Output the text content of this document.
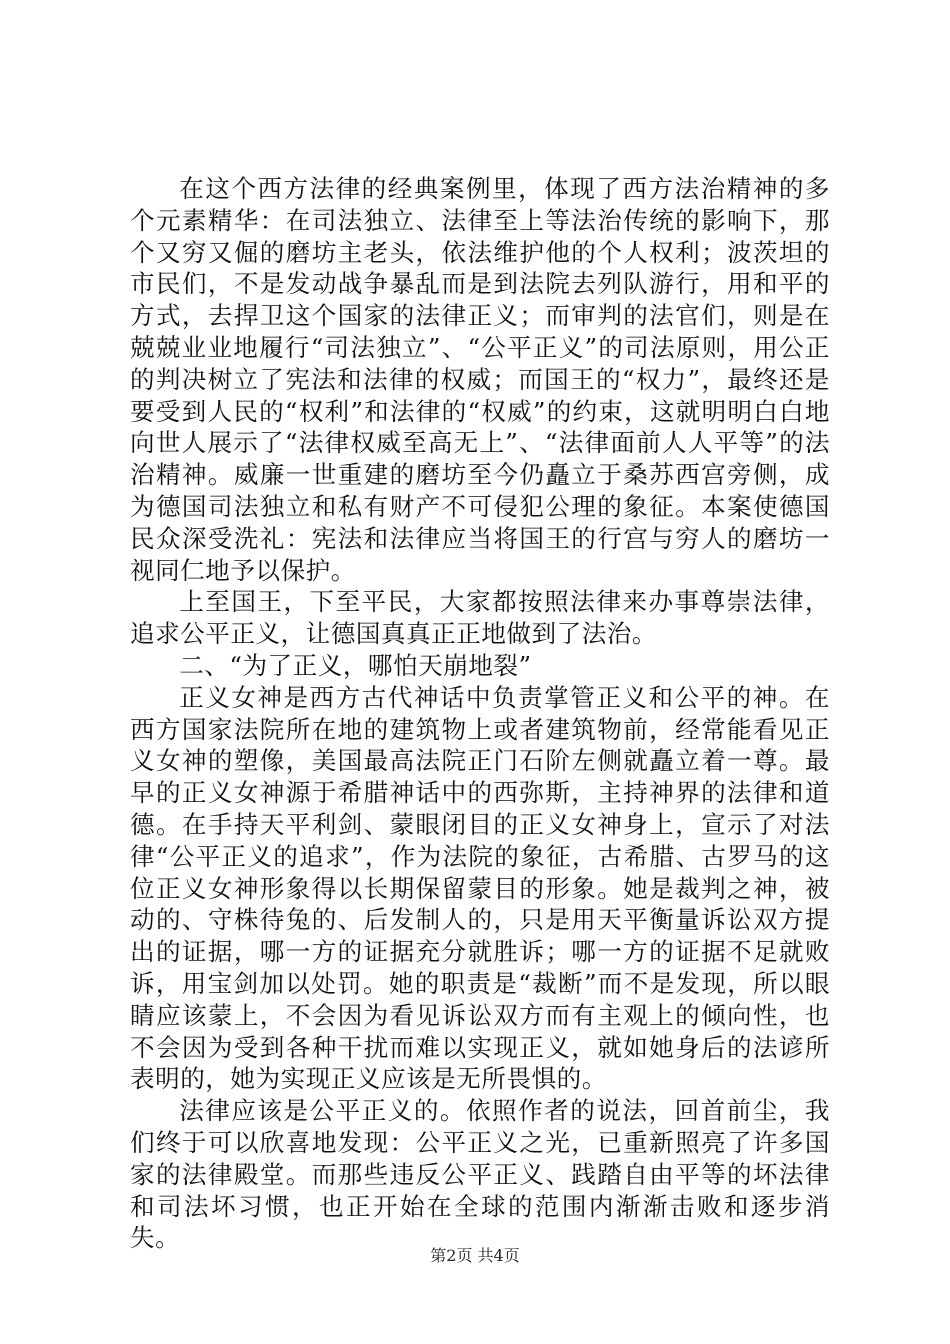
在这个西方法律的经典案例里，体现了西方法治精神的多个元素精华：在司法独立、法律至上等法治传统的影响下，那个又穷又倔的磨坊主老头，依法维护他的个人权利；波茨坦的市民们，不是发动战争暴乱而是到法院去列队游行，用和平的方式，去捍卫这个国家的法律正义；而审判的法官们，则是在兢兢业业地履行“司法独立”、“公平正义”的司法原则，用公正的判决树立了宪法和法律的权威；而国王的“权力”，最终还是要受到人民的“权利”和法律的“权威”的约束，这就明明白白地向世人展示了“法律权威至高无上”、“法律面前人人平等”的法治精神。威廉一世重建的磨坊至今仍矗立于桑苏西宫旁侧，成为德国司法独立和私有财产不可侵犯公理的象征。本案使德国民众深受洗礼：宪法和法律应当将国王的行宫与穷人的磨坊一视同仁地予以保护。

上至国王，下至平民，大家都按照法律来办事尊崇法律，追求公平正义，让德国真真正正地做到了法治。

二、“为了正义，哪怕天崩地裂”

正义女神是西方古代神话中负责掌管正义和公平的神。在西方国家法院所在地的建筑物上或者建筑物前，经常能看见正义女神的塑像，美国最高法院正门石阶左侧就矗立着一尊。最早的正义女神源于希腊神话中的西弥斯，主持神界的法律和道德。在手持天平利剑、蒙眼闭目的正义女神身上，宣示了对法律“公平正义的追求”，作为法院的象征，古希腊、古罗马的这位正义女神形象得以长期保留蒙目的形象。她是裁判之神，被动的、守株待兔的、后发制人的，只是用天平衡量诉讼双方提出的证据，哪一方的证据充分就胜诉；哪一方的证据不足就败诉，用宝剑加以处罚。她的职责是“裁断”而不是发现，所以眼睛应该蒙上，不会因为看见诉讼双方而有主观上的倾向性，也不会因为受到各种干扰而难以实现正义，就如她身后的法谚所表明的，她为实现正义应该是无所畏惧的。

法律应该是公平正义的。依照作者的说法，回首前尘，我们终于可以欣喜地发现：公平正义之光，已重新照亮了许多国家的法律殿堂。而那些违反公平正义、践踏自由平等的坏法律和司法坏习惯，也正开始在全球的范围内渐渐击败和逐步消失。

第2页 共4页
